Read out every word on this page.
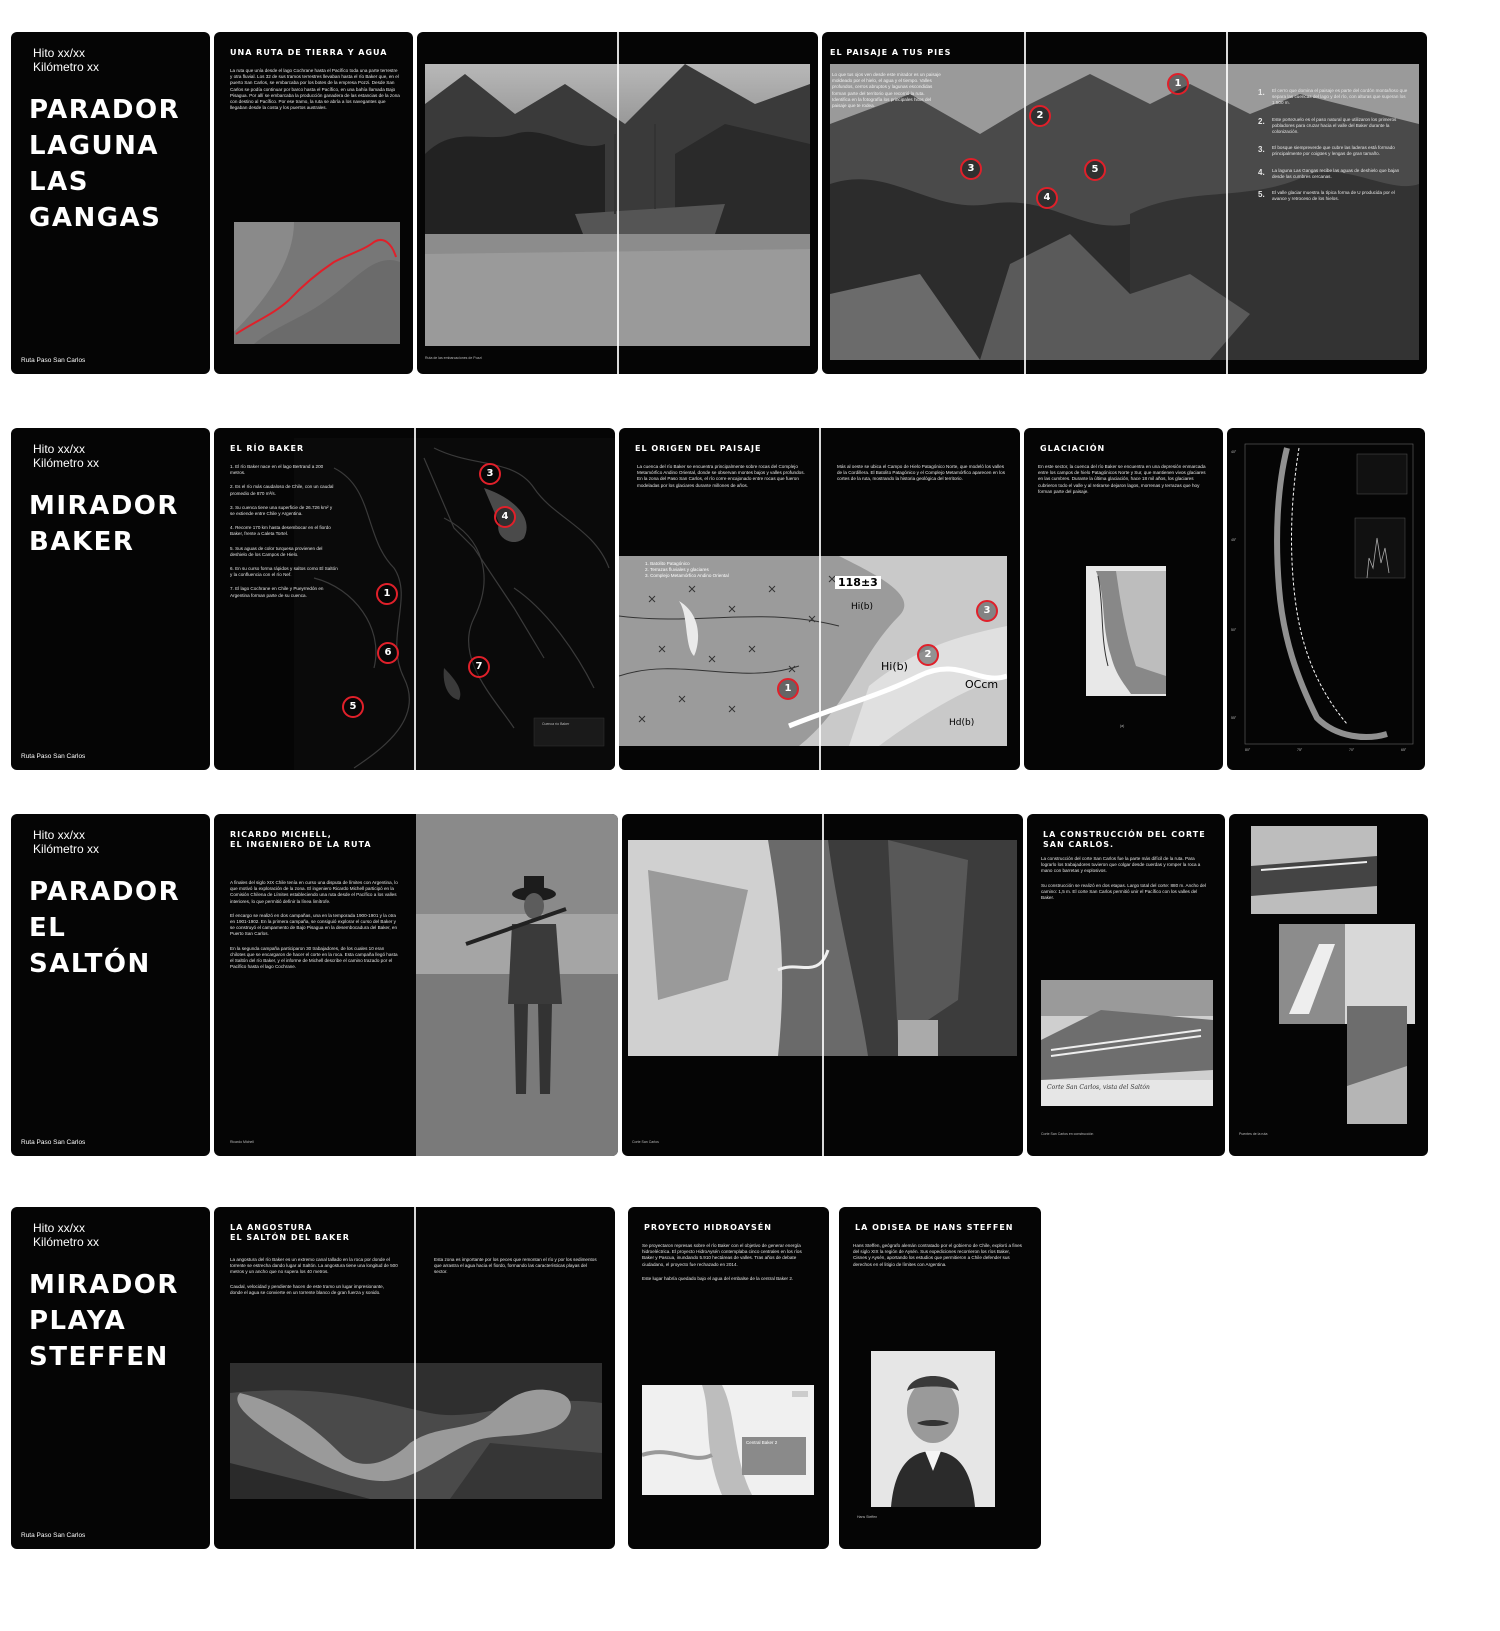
Hito xx/xx
Kilómetro xx
PARADOR
LAGUNA
LAS
GANGAS
Ruta Paso San Carlos
UNA RUTA DE TIERRA Y AGUA
La ruta que unía desde el lago Cochrane hasta el Pacífico toda una parte terrestre y otra fluvial. Los 32 de sus tramos terrestres llevaban hasta el río Baker que, en el puerto San Carlos, se embarcaba por los botes de la empresa Pozzi. Desde San Carlos se podía continuar por barco hasta el Pacífico, en una bahía llamada Bajo Pisagua. Por allí se embarcaba la producción ganadera de las estancias de la zona con destino al Pacífico. Por ese tramo, la ruta se abría a los navegantes que llegaban desde la costa y los puertos australes.
Ruta de las embarcaciones de Pozzi
EL PAISAJE A TUS PIES
Lo que tus ojos ven desde este mirador es un paisaje moldeado por el hielo, el agua y el tiempo. Valles profundos, cerros abruptos y lagunas escondidas forman parte del territorio que recorrió la ruta. Identifica en la fotografía los principales hitos del paisaje que te rodea.
1
2
3
4
5
1.	El cerro que domina el paisaje es parte del cordón montañoso que separa las cuencas del lago y del río, con alturas que superan los 1.500 m.
2.	Este portezuelo es el paso natural que utilizaron los primeros pobladores para cruzar hacia el valle del Baker durante la colonización.
3.	El bosque siempreverde que cubre las laderas está formado principalmente por coigües y lengas de gran tamaño.
4.	La laguna Las Gangas recibe las aguas de deshielo que bajan desde las cumbres cercanas.
5.	El valle glaciar muestra la típica forma de U producida por el avance y retroceso de los hielos.
Hito xx/xx
Kilómetro xx
MIRADOR
BAKER
Ruta Paso San Carlos
EL RÍO BAKER
1. El río Baker nace en el lago Bertrand a 200 metros.
2. Es el río más caudaloso de Chile, con un caudal promedio de 870 m³/s.
3. Su cuenca tiene una superficie de 26.726 km² y se extiende entre Chile y Argentina.
4. Recorre 170 km hasta desembocar en el fiordo Baker, frente a Caleta Tortel.
5. Sus aguas de color turquesa provienen del deshielo de los Campos de Hielo.
6. En su curso forma rápidos y saltos como El Saltón y la confluencia con el río Nef.
7. El lago Cochrane en Chile y Pueyrredón en Argentina forman parte de su cuenca.
Cuenca río Baker
1
3
4
5
6
7
EL ORIGEN DEL PAISAJE
La cuenca del río Baker se encuentra principalmente sobre rocas del Complejo Metamórfico Andino Oriental, donde se observan montes bajos y valles profundos. En la zona del Paso San Carlos, el río corre encajonado entre rocas que fueron modeladas por los glaciares durante millones de años.
Más al oeste se ubica el Campo de Hielo Patagónico Norte, que modeló los valles de la Cordillera. El Batolito Patagónico y el Complejo Metamórfico aparecen en los cortes de la ruta, mostrando la historia geológica del territorio.
1. Batolito Patagónico
2. Terrazas fluviales y glaciares
3. Complejo Metamórfico Andino Oriental
118±3
Hi(b)
Hi(b)
OCcm
Hd(b)
1
2
3
GLACIACIÓN
En este sector, la cuenca del río Baker se encuentra en una depresión enmarcada entre los campos de hielo Patagónicos Norte y Sur, que mantienen vivos glaciares en las cumbres. Durante la última glaciación, hace 18 mil años, los glaciares cubrieron todo el valle y al retirarse dejaron lagos, morrenas y terrazas que hoy forman parte del paisaje.
(a)
40°
45°
50°
55°
80°	75°	70°	65°
Hito xx/xx
Kilómetro xx
PARADOR
EL
SALTÓN
Ruta Paso San Carlos
RICARDO MICHELL,
EL INGENIERO DE LA RUTA
A finales del siglo XIX Chile tenía en curso una disputa de límites con Argentina, lo que motivó la exploración de la zona. El ingeniero Ricardo Michell participó en la Comisión Chilena de Límites estableciendo una ruta desde el Pacífico a los valles interiores, lo que permitió definir la línea limítrofe.
El encargo se realizó en dos campañas, una en la temporada 1900-1901 y la otra en 1901-1902. En la primera campaña, se consiguió explorar el curso del Baker y se construyó el campamento de Bajo Pisagua en la desembocadura del Baker, en Puerto San Carlos.
En la segunda campaña participaron 30 trabajadores, de los cuales 10 eran chilotes que se encargaron de hacer el corte en la roca. Esta campaña llegó hasta el Saltón del río Baker, y el informe de Michell describe el camino trazado por el Pacífico hasta el lago Cochrane.
Ricardo Michell	Corte San Carlos
LA CONSTRUCCIÓN DEL CORTE
SAN CARLOS.
La construcción del corte San Carlos fue la parte más difícil de la ruta. Para lograrlo los trabajadores tuvieron que colgar desde cuerdas y romper la roca a mano con barretas y explosivos.
Su construcción se realizó en dos etapas. Largo total del corte: 880 m. Ancho del camino: 1,5 m. El corte San Carlos permitió unir el Pacífico con los valles del Baker.
Corte San Carlos, vista del Saltón
Corte San Carlos en construcción	Puentes de la ruta
Hito xx/xx
Kilómetro xx
MIRADOR
PLAYA
STEFFEN
Ruta Paso San Carlos
LA ANGOSTURA
EL SALTÓN DEL BAKER
La angostura del río Baker es un extremo canal tallado en la roca por donde el torrente se estrecha dando lugar al Saltón. La angostura tiene una longitud de 500 metros y un ancho que no supera los 40 metros.
Caudal, velocidad y pendiente hacen de este tramo un lugar impresionante, donde el agua se convierte en un torrente blanco de gran fuerza y sonido.
Esta zona es importante por los peces que remontan el río y por los sedimentos que arrastra el agua hacia el fiordo, formando las características playas del sector.
PROYECTO HIDROAYSÉN
Se proyectaron represas sobre el río Baker con el objetivo de generar energía hidroeléctrica. El proyecto HidroAysén contemplaba cinco centrales en los ríos Baker y Pascua, inundando 5.910 hectáreas de valles. Tras años de debate ciudadano, el proyecto fue rechazado en 2014.
Este lugar habría quedado bajo el agua del embalse de la central Baker 2.
Central Baker 2
LA ODISEA DE HANS STEFFEN
Hans Steffen, geógrafo alemán contratado por el gobierno de Chile, exploró a fines del siglo XIX la región de Aysén. Sus expediciones recorrieron los ríos Baker, Cisnes y Aysén, aportando los estudios que permitieron a Chile defender sus derechos en el litigio de límites con Argentina.
Hans Steffen
